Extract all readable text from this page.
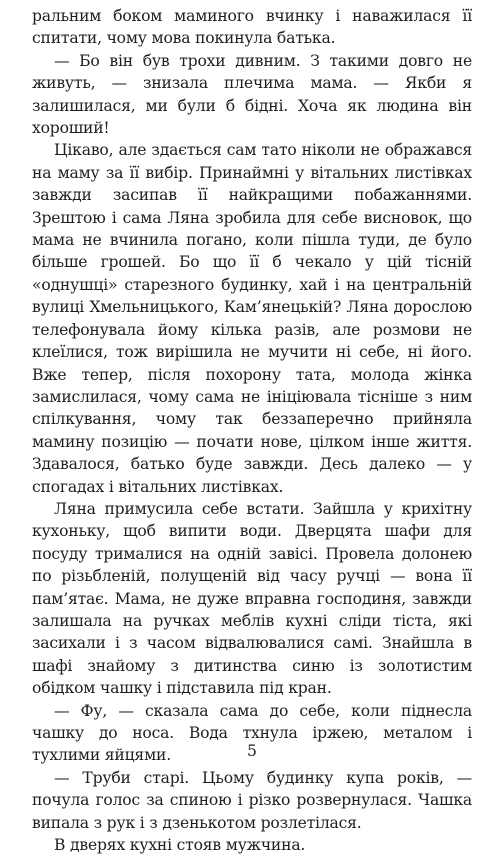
ральним боком маминого вчинку і наважилася її спитати, чому мова покинула батька.

— Бо він був трохи дивним. З такими довго не живуть, — знизала плечима мама. — Якби я залишилася, ми були б бідні. Хоча як людина він хороший!

Цікаво, але здається сам тато ніколи не ображався на маму за її вибір. Принаймні у вітальних листівках завжди засипав її найкращими побажаннями. Зрештою і сама Ляна зробила для себе висновок, що мама не вчинила погано, коли пішла туди, де було більше грошей. Бо що її б чекало у цій тісній «однушці» старезного будинку, хай і на центральній вулиці Хмельницького, Кам’янецькій? Ляна дорослою телефонувала йому кілька разів, але розмови не клеїлися, тож вирішила не мучити ні себе, ні його. Вже тепер, після похорону тата, молода жінка замислилася, чому сама не ініціювала тісніше з ним спілкування, чому так беззаперечно прийняла мамину позицію — почати нове, цілком інше життя. Здавалося, батько буде завжди. Десь далеко — у спогадах і вітальних листівках.

Ляна примусила себе встати. Зайшла у крихітну кухоньку, щоб випити води. Дверцята шафи для посуду трималися на одній завісі. Провела долонею по різьбленій, полущеній від часу ручці — вона її пам’ятає. Мама, не дуже вправна господиня, завжди залишала на ручках меблів кухні сліди тіста, які засихали і з часом відвалювалися самі. Знайшла в шафі знайому з дитинства синю із золотистим обідком чашку і підставила під кран.

— Фу, — сказала сама до себе, коли піднесла чашку до носа. Вода тхнула іржею, металом і тухлими яйцями.

— Труби старі. Цьому будинку купа років, — почула голос за спиною і різко розвернулася. Чашка випала з рук і з дзенькотом розлетілася.

В дверях кухні стояв мужчина.

5
